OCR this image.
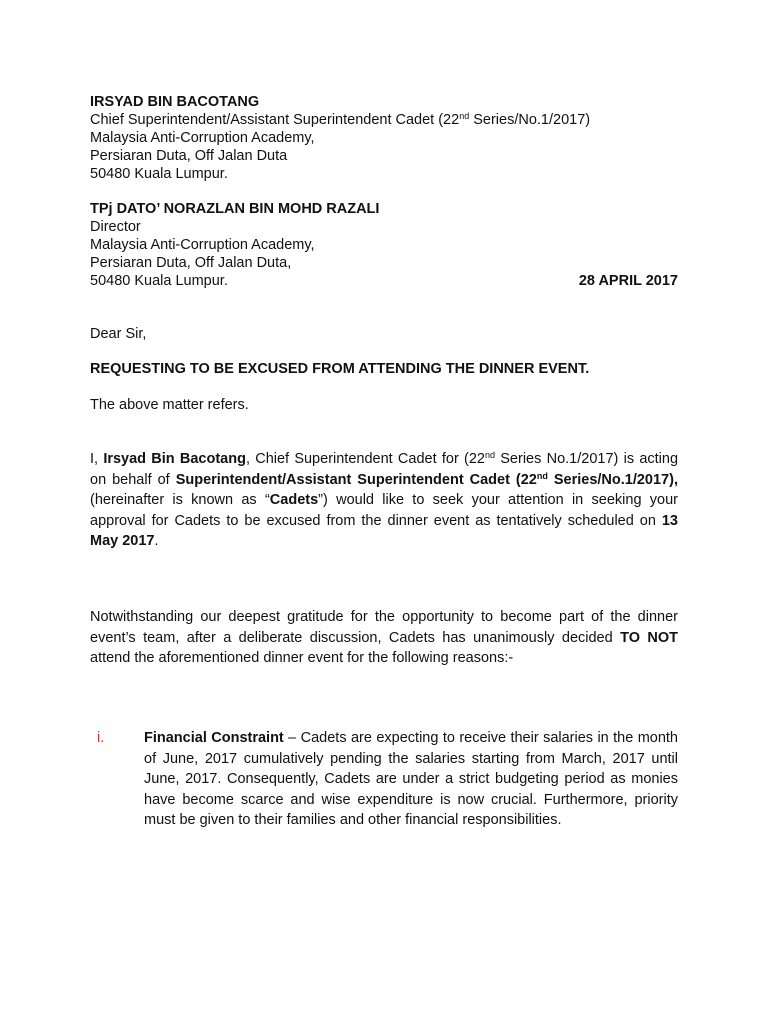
IRSYAD BIN BACOTANG
Chief Superintendent/Assistant Superintendent Cadet (22nd Series/No.1/2017)
Malaysia Anti-Corruption Academy,
Persiaran Duta, Off Jalan Duta
50480 Kuala Lumpur.
TPj DATO’ NORAZLAN BIN MOHD RAZALI
Director
Malaysia Anti-Corruption Academy,
Persiaran Duta, Off Jalan Duta,
50480 Kuala Lumpur.	28 APRIL 2017
Dear Sir,
REQUESTING TO BE EXCUSED FROM ATTENDING THE DINNER EVENT.
The above matter refers.
I, Irsyad Bin Bacotang, Chief Superintendent Cadet for (22nd Series No.1/2017) is acting on behalf of Superintendent/Assistant Superintendent Cadet (22nd Series/No.1/2017), (hereinafter is known as “Cadets”) would like to seek your attention in seeking your approval for Cadets to be excused from the dinner event as tentatively scheduled on 13 May 2017.
Notwithstanding our deepest gratitude for the opportunity to become part of the dinner event’s team, after a deliberate discussion, Cadets has unanimously decided TO NOT attend the aforementioned dinner event for the following reasons:-
i.	Financial Constraint – Cadets are expecting to receive their salaries in the month of June, 2017 cumulatively pending the salaries starting from March, 2017 until June, 2017. Consequently, Cadets are under a strict budgeting period as monies have become scarce and wise expenditure is now crucial. Furthermore, priority must be given to their families and other financial responsibilities.
